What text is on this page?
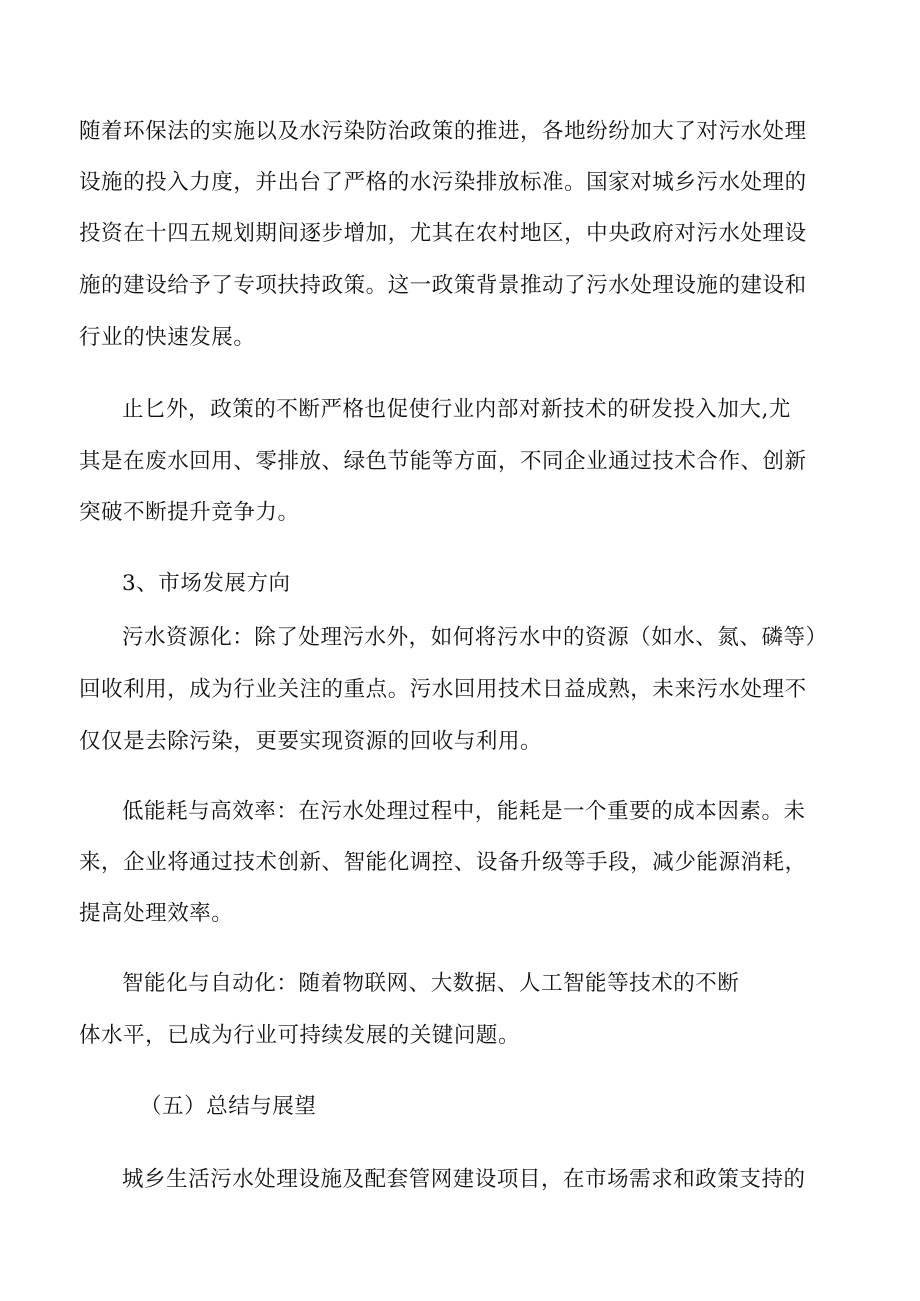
随着环保法的实施以及水污染防治政策的推进，各地纷纷加大了对污水处理
设施的投入力度，并出台了严格的水污染排放标准。国家对城乡污水处理的
投资在十四五规划期间逐步增加，尤其在农村地区，中央政府对污水处理设
施的建设给予了专项扶持政策。这一政策背景推动了污水处理设施的建设和
行业的快速发展。
止匕外，政策的不断严格也促使行业内部对新技术的研发投入加大,尤
其是在废水回用、零排放、绿色节能等方面，不同企业通过技术合作、创新
突破不断提升竞争力。
3、市场发展方向
污水资源化：除了处理污水外，如何将污水中的资源（如水、氮、磷等）
回收利用，成为行业关注的重点。污水回用技术日益成熟，未来污水处理不
仅仅是去除污染，更要实现资源的回收与利用。
低能耗与高效率：在污水处理过程中，能耗是一个重要的成本因素。未
来，企业将通过技术创新、智能化调控、设备升级等手段，减少能源消耗，
提高处理效率。
智能化与自动化：随着物联网、大数据、人工智能等技术的不断
体水平，已成为行业可持续发展的关键问题。
（五）总结与展望
城乡生活污水处理设施及配套管网建设项目，在市场需求和政策支持的
